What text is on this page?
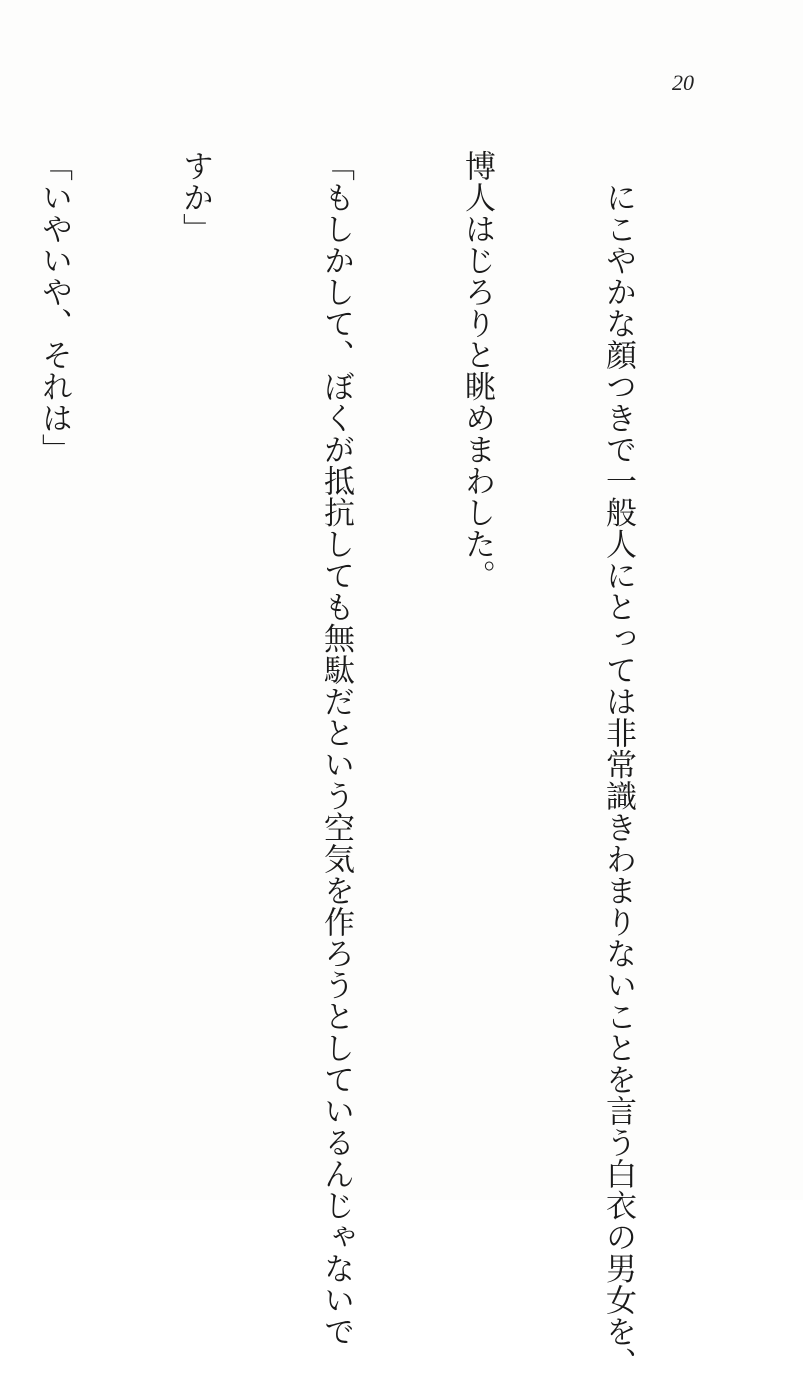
20

　にこやかな顔つきで一般人にとっては非常識きわまりないことを言う白衣の男女を、

博人はじろりと眺めまわした。

「もしかして、ぼくが抵抗しても無駄だという空気を作ろうとしているんじゃないで

すか」

「いやいや、それは」
